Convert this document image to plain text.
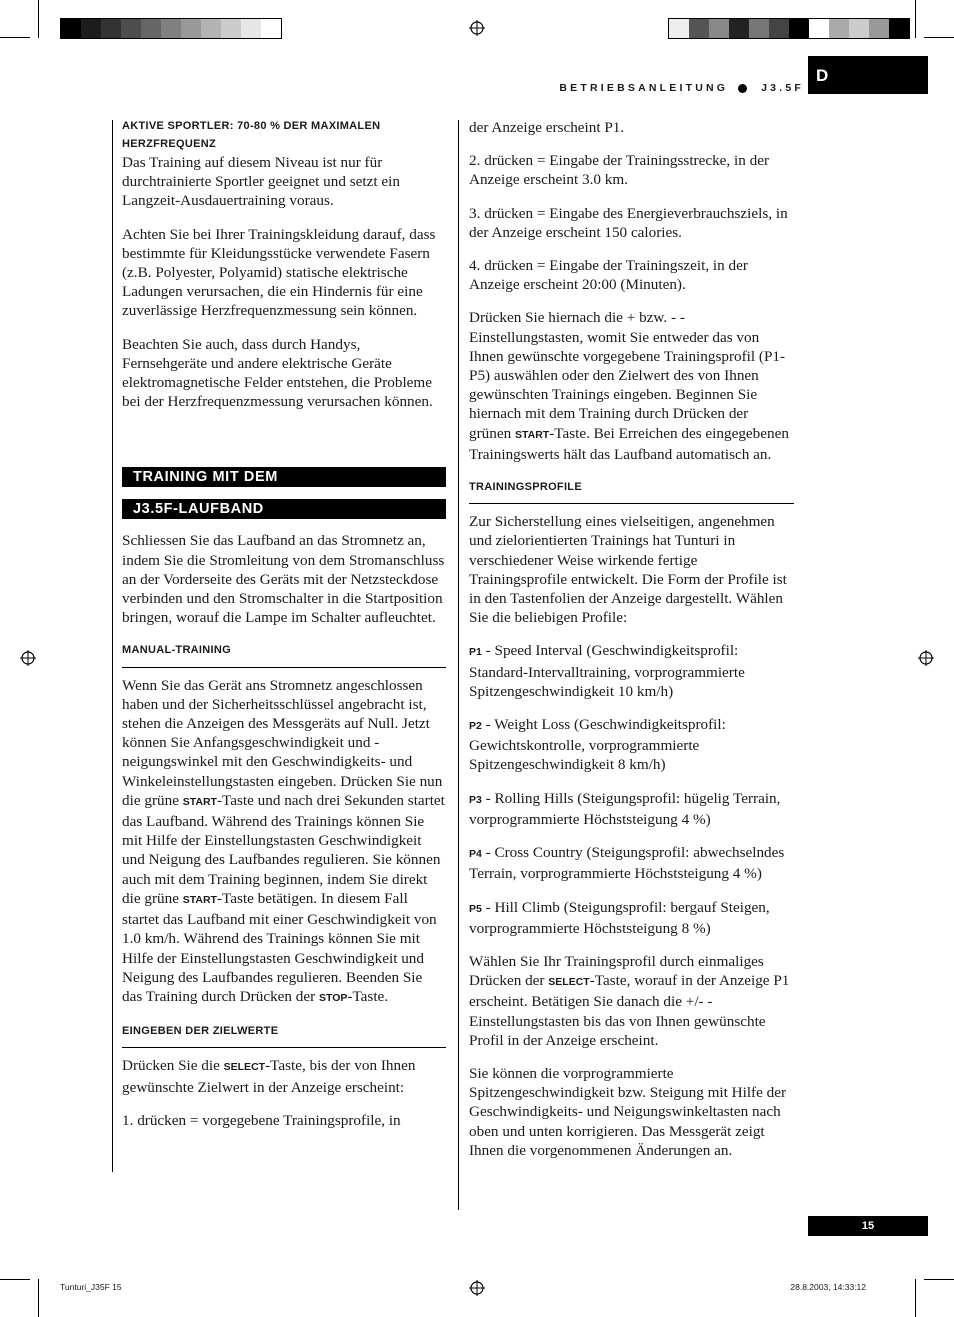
BETRIEBSANLEITUNG	J3.5F
D
AKTIVE SPORTLER: 70-80 % DER MAXIMALEN HERZFREQUENZ

Das Training auf diesem Niveau ist nur für durchtrainierte Sportler geeignet und setzt ein Langzeit-Ausdauertraining voraus.

Achten Sie bei Ihrer Trainingskleidung darauf, dass bestimmte für Kleidungsstücke verwendete Fasern (z.B. Polyester, Polyamid) statische elektrische Ladungen verursachen, die ein Hindernis für eine zuverlässige Herzfrequenzmessung sein können.

Beachten Sie auch, dass durch Handys, Fernsehgeräte und andere elektrische Geräte elektromagnetische Felder entstehen, die Probleme bei der Herzfrequenzmessung verursachen können.

TRAINING MIT DEM
J3.5F-LAUFBAND

Schliessen Sie das Laufband an das Stromnetz an, indem Sie die Stromleitung von dem Stromanschluss an der Vorderseite des Geräts mit der Netzsteckdose verbinden und den Stromschalter in die Startposition bringen, worauf die Lampe im Schalter aufleuchtet.

MANUAL-TRAINING

Wenn Sie das Gerät ans Stromnetz angeschlossen haben und der Sicherheitsschlüssel angebracht ist, stehen die Anzeigen des Messgeräts auf Null. Jetzt können Sie Anfangsgeschwindigkeit und -neigungswinkel mit den Geschwindigkeits- und Winkeleinstellungstasten eingeben. Drücken Sie nun die grüne START-Taste und nach drei Sekunden startet das Laufband. Während des Trainings können Sie mit Hilfe der Einstellungstasten Geschwindigkeit und Neigung des Laufbandes regulieren. Sie können auch mit dem Training beginnen, indem Sie direkt die grüne START-Taste betätigen. In diesem Fall startet das Laufband mit einer Geschwindigkeit von 1.0 km/h. Während des Trainings können Sie mit Hilfe der Einstellungstasten Geschwindigkeit und Neigung des Laufbandes regulieren. Beenden Sie das Training durch Drücken der STOP-Taste.

EINGEBEN DER ZIELWERTE

Drücken Sie die SELECT-Taste, bis der von Ihnen gewünschte Zielwert in der Anzeige erscheint:

1. drücken = vorgegebene Trainingsprofile, in

der Anzeige erscheint P1.

2. drücken = Eingabe der Trainingsstrecke, in der Anzeige erscheint 3.0 km.

3. drücken = Eingabe des Energieverbrauchsziels, in der Anzeige erscheint 150 calories.

4. drücken = Eingabe der Trainingszeit, in der Anzeige erscheint 20:00 (Minuten).

Drücken Sie hiernach die + bzw. - - Einstellungstasten, womit Sie entweder das von Ihnen gewünschte vorgegebene Trainingsprofil (P1-P5) auswählen oder den Zielwert des von Ihnen gewünschten Trainings eingeben. Beginnen Sie hiernach mit dem Training durch Drücken der grünen START-Taste. Bei Erreichen des eingegebenen Trainingswerts hält das Laufband automatisch an.

TRAININGSPROFILE

Zur Sicherstellung eines vielseitigen, angenehmen und zielorientierten Trainings hat Tunturi in verschiedener Weise wirkende fertige Trainingsprofile entwickelt. Die Form der Profile ist in den Tastenfolien der Anzeige dargestellt. Wählen Sie die beliebigen Profile:

P1 - Speed Interval (Geschwindigkeitsprofil: Standard-Intervalltraining, vorprogrammierte Spitzengeschwindigkeit 10 km/h)

P2 - Weight Loss (Geschwindigkeitsprofil: Gewichtskontrolle, vorprogrammierte Spitzengeschwindigkeit 8 km/h)

P3 - Rolling Hills (Steigungsprofil: hügelig Terrain, vorprogrammierte Höchststeigung 4 %)

P4 - Cross Country (Steigungsprofil: abwechselndes Terrain, vorprogrammierte Höchststeigung 4 %)

P5 - Hill Climb (Steigungsprofil: bergauf Steigen, vorprogrammierte Höchststeigung 8 %)

Wählen Sie Ihr Trainingsprofil durch einmaliges Drücken der SELECT-Taste, worauf in der Anzeige P1 erscheint. Betätigen Sie danach die +/- -Einstellungstasten bis das von Ihnen gewünschte Profil in der Anzeige erscheint.

Sie können die vorprogrammierte Spitzengeschwindigkeit bzw. Steigung mit Hilfe der Geschwindigkeits- und Neigungswinkeltasten nach oben und unten korrigieren. Das Messgerät zeigt Ihnen die vorgenommenen Änderungen an.

15
Tunturi_J35F 15	28.8.2003, 14:33:12
